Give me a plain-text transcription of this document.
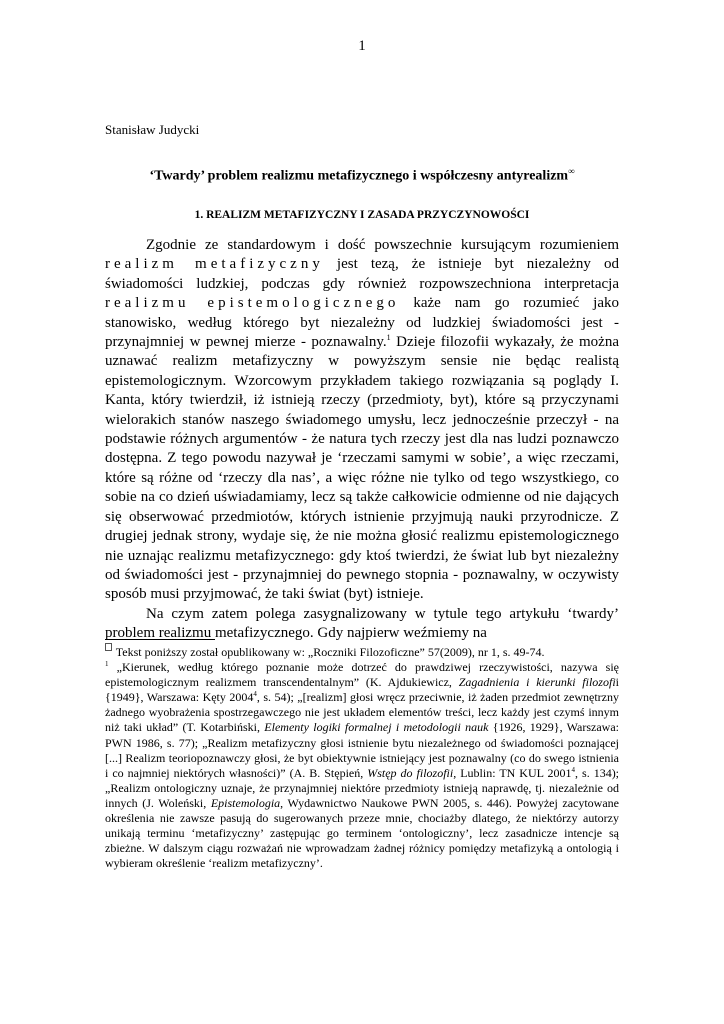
1
Stanisław Judycki
‘Twardy’ problem realizmu metafizycznego i współczesny antyrealizm∞
1. REALIZM METAFIZYCZNY I ZASADA PRZYCZYNOWOŚCI

Zgodnie ze standardowym i dość powszechnie kursującym rozumieniem realizm metafizyczny jest tezą, że istnieje byt niezależny od świadomości ludzkiej, podczas gdy również rozpowszechniona interpretacja realizmu epistemologicznego każe nam go rozumieć jako stanowisko, według którego byt niezależny od ludzkiej świadomości jest - przynajmniej w pewnej mierze - poznawalny.$^1$ Dzieje filozofii wykazały, że można uznawać realizm metafizyczny w powyższym sensie nie będąc realistą epistemologicznym. Wzorcowym przykładem takiego rozwiązania są poglądy I. Kanta, który twierdził, iż istnieją rzeczy (przedmioty, byt), które są przyczynami wielorakich stanów naszego świadomego umysłu, lecz jednocześnie przeczył - na podstawie różnych argumentów - że natura tych rzeczy jest dla nas ludzi poznawczo dostępna. Z tego powodu nazywał je ‘rzeczami samymi w sobie’, a więc rzeczami, które są różne od ‘rzeczy dla nas’, a więc różne nie tylko od tego wszystkiego, co sobie na co dzień uświadamiamy, lecz są także całkowicie odmienne od nie dających się obserwować przedmiotów, których istnienie przyjmują nauki przyrodnicze. Z drugiej jednak strony, wydaje się, że nie można głosić realizmu epistemologicznego nie uznając realizmu metafizycznego: gdy ktoś twierdzi, że świat lub byt niezależny od świadomości jest - przynajmniej do pewnego stopnia - poznawalny, w oczywisty sposób musi przyjmować, że taki świat (byt) istnieje.

Na czym zatem polega zasygnalizowany w tytule tego artykułu ‘twardy’ problem realizmu metafizycznego. Gdy najpierw weźmiemy na

Tekst poniższy został opublikowany w: „Roczniki Filozoficzne” 57(2009), nr 1, s. 49-74.

$^1$ „Kierunek, według którego poznanie może dotrzeć do prawdziwej rzeczywistości, nazywa się epistemologicznym realizmem transcendentalnym” (K. Ajdukiewicz, Zagadnienia i kierunki filozofii {1949}, Warszawa: Kęty 2004$^4$, s. 54); „[realizm] głosi wręcz przeciwnie, iż żaden przedmiot zewnętrzny żadnego wyobrażenia spostrzegawczego nie jest układem elementów treści, lecz każdy jest czymś innym niż taki układ” (T. Kotarbiński, Elementy logiki formalnej i metodologii nauk {1926, 1929}, Warszawa: PWN 1986, s. 77); „Realizm metafizyczny głosi istnienie bytu niezależnego od świadomości poznającej [...] Realizm teoriopoznawczy głosi, że byt obiektywnie istniejący jest poznawalny (co do swego istnienia i co najmniej niektórych własności)” (A. B. Stępień, Wstęp do filozofii, Lublin: TN KUL 2001$^4$, s. 134); „Realizm ontologiczny uznaje, że przynajmniej niektóre przedmioty istnieją naprawdę, tj. niezależnie od innych (J. Woleński, Epistemologia, Wydawnictwo Naukowe PWN 2005, s. 446). Powyżej zacytowane określenia nie zawsze pasują do sugerowanych przeze mnie, chociażby dlatego, że niektórzy autorzy unikają terminu ‘metafizyczny’ zastępując go terminem ‘ontologiczny’, lecz zasadnicze intencje są zbieżne. W dalszym ciągu rozważań nie wprowadzam żadnej różnicy pomiędzy metafizyką a ontologią i wybieram określenie ‘realizm metafizyczny’.
